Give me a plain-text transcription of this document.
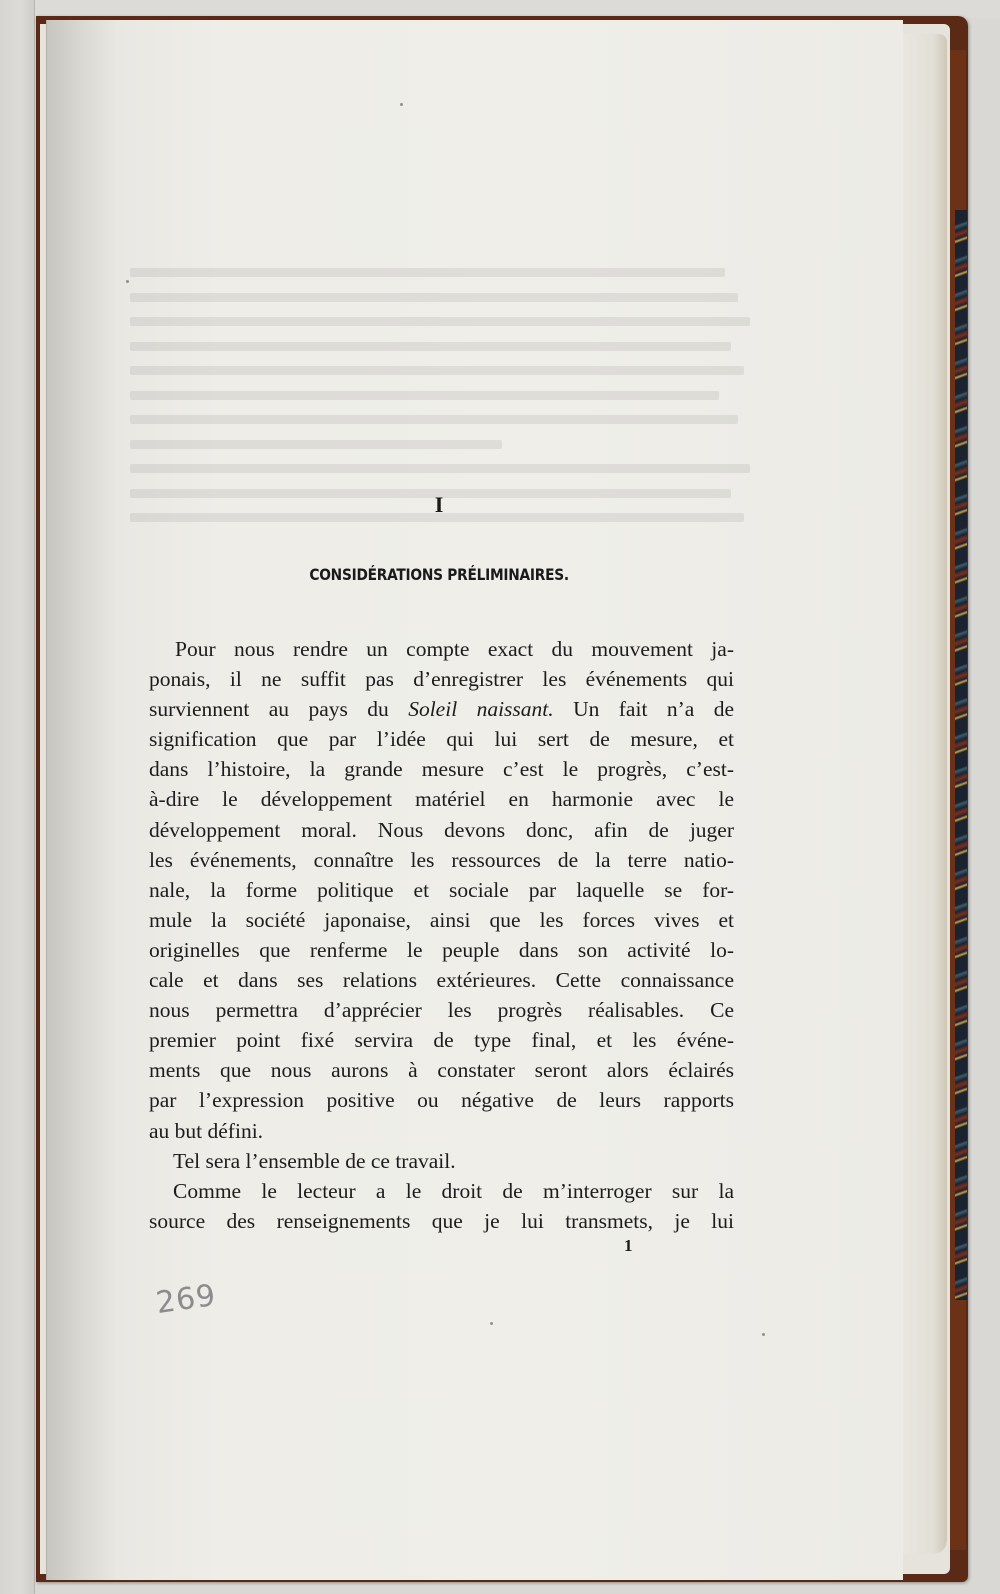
I
CONSIDÉRATIONS PRÉLIMINAIRES.
Pour nous rendre un compte exact du mouvement ja-
ponais, il ne suffit pas d’enregistrer les événements qui
surviennent au pays du Soleil naissant. Un fait n’a de
signification que par l’idée qui lui sert de mesure, et
dans l’histoire, la grande mesure c’est le progrès, c’est-
à-dire le développement matériel en harmonie avec le
développement moral. Nous devons donc, afin de juger
les événements, connaître les ressources de la terre natio-
nale, la forme politique et sociale par laquelle se for-
mule la société japonaise, ainsi que les forces vives et
originelles que renferme le peuple dans son activité lo-
cale et dans ses relations extérieures. Cette connaissance
nous permettra d’apprécier les progrès réalisables. Ce
premier point fixé servira de type final, et les événe-
ments que nous aurons à constater seront alors éclairés
par l’expression positive ou négative de leurs rapports
au but défini.
Tel sera l’ensemble de ce travail.
Comme le lecteur a le droit de m’interroger sur la
source des renseignements que je lui transmets, je lui
1
269
